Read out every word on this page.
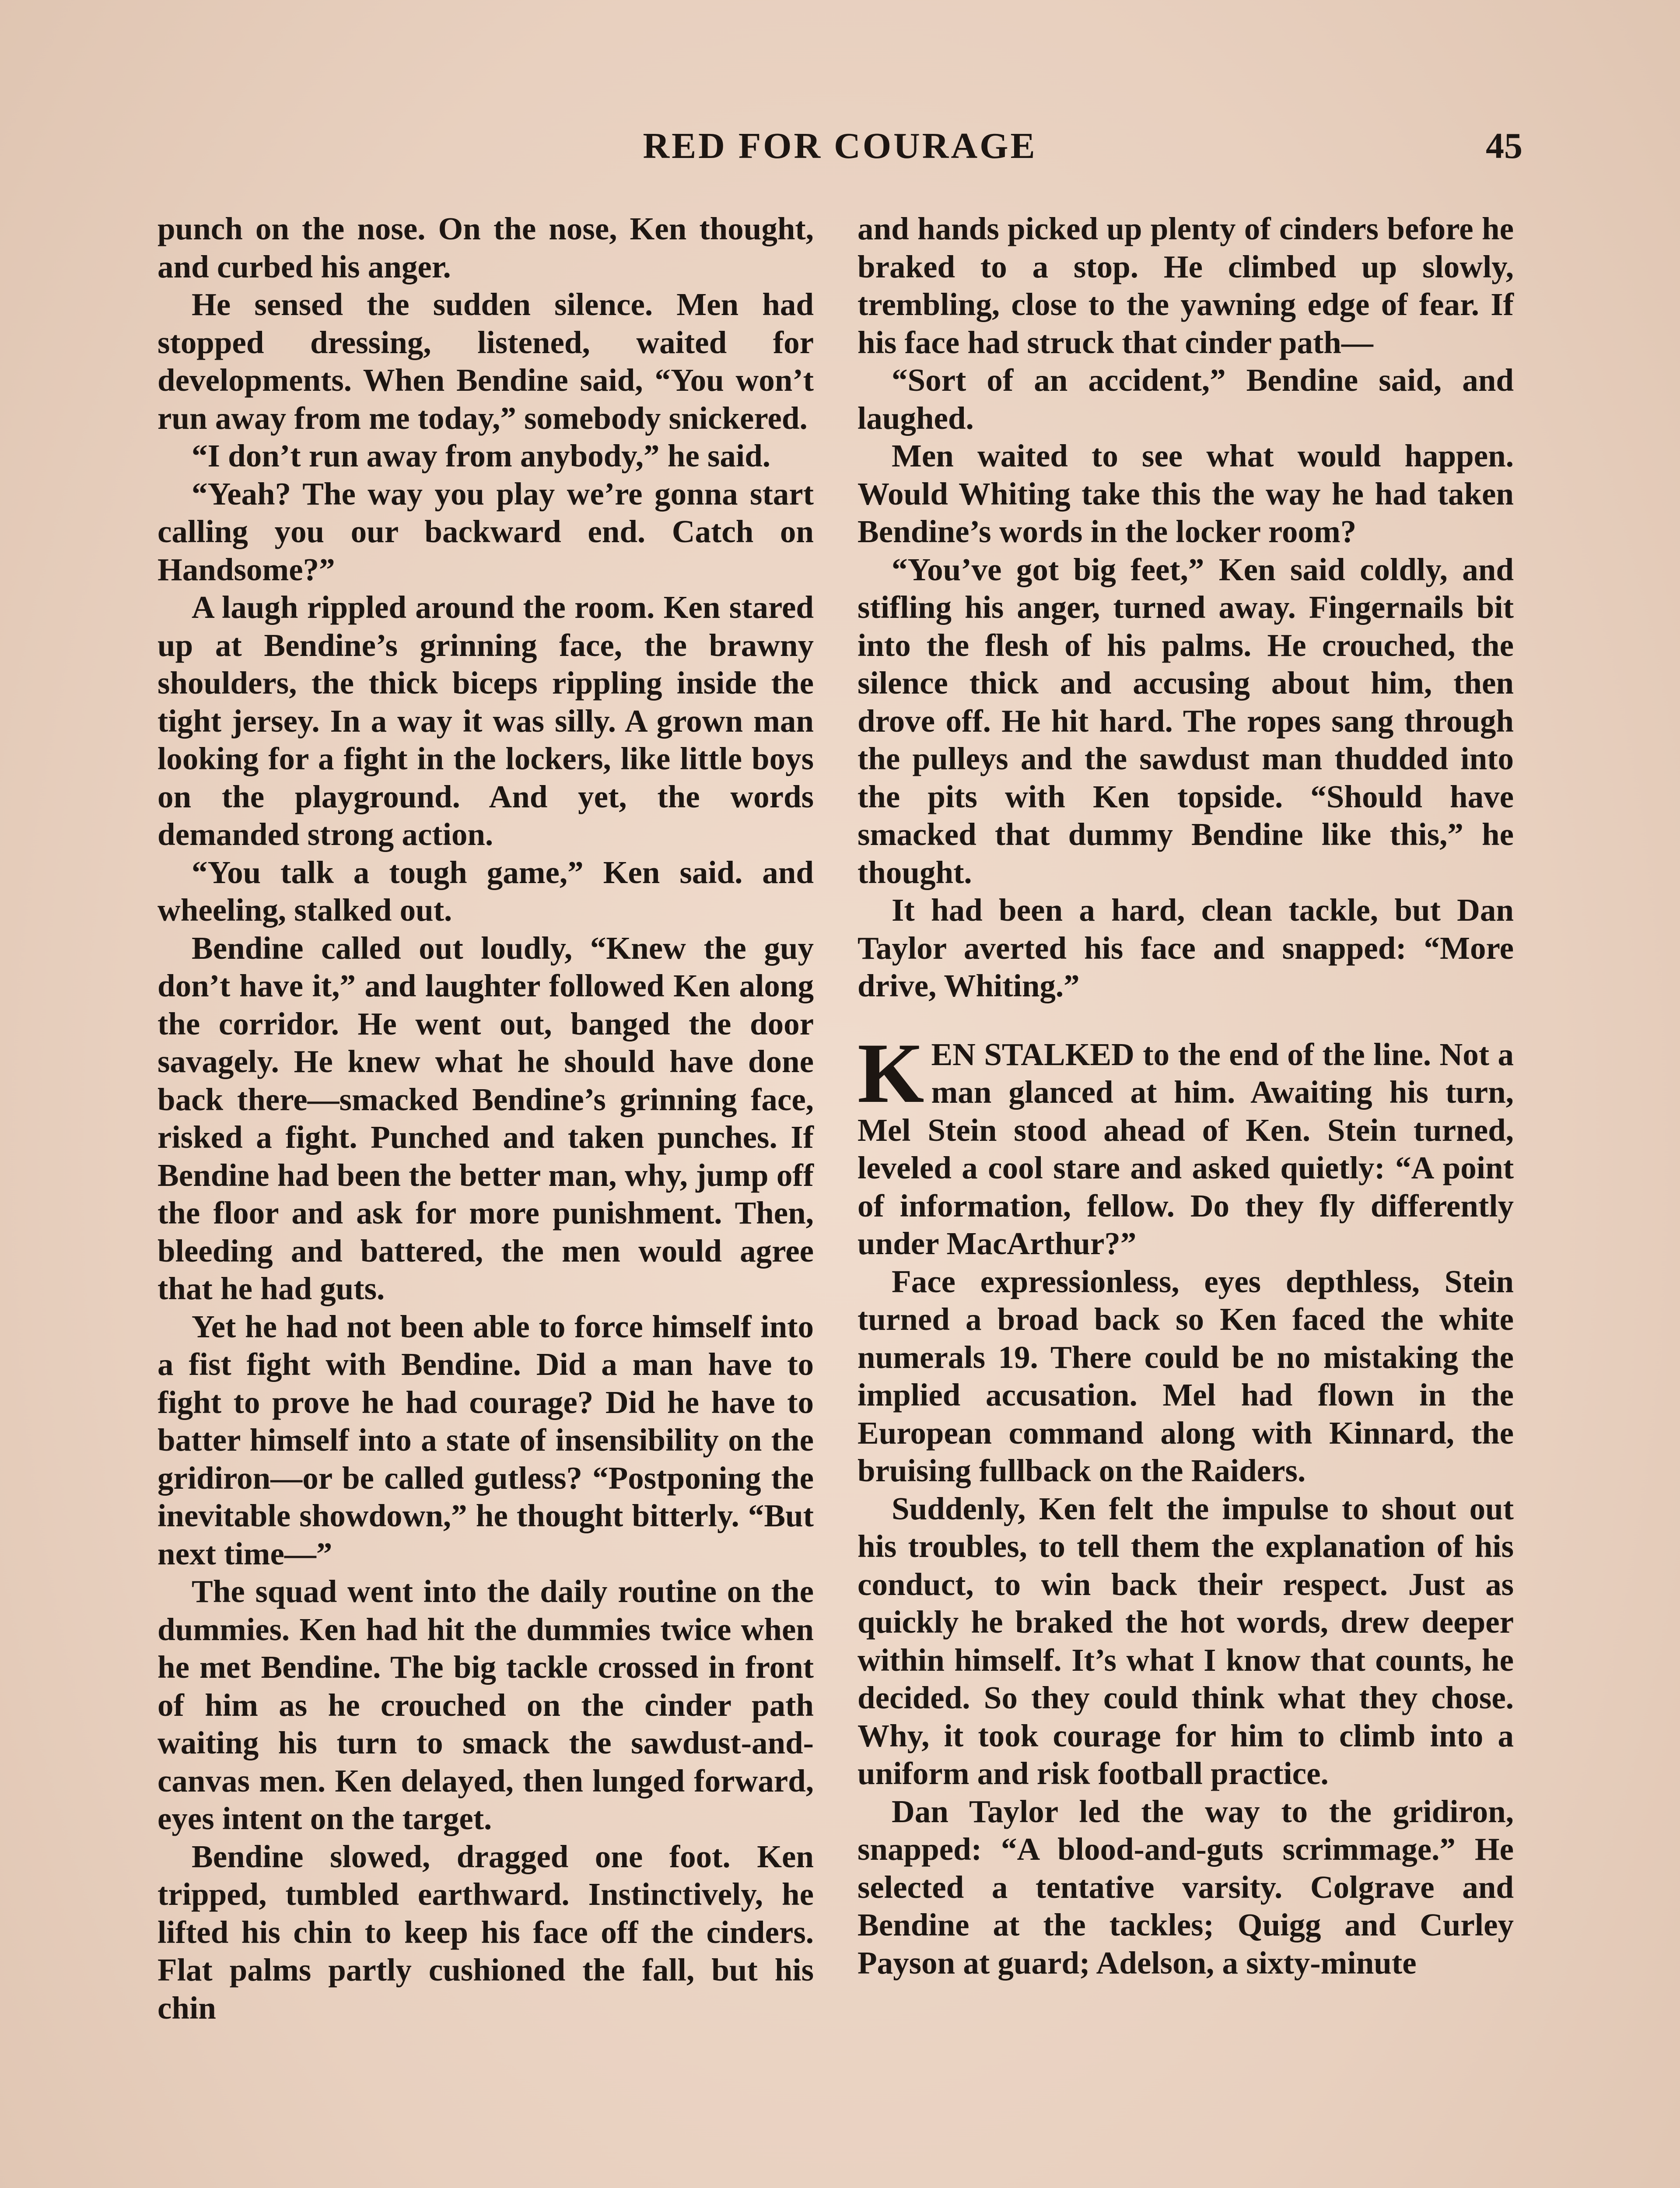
RED FOR COURAGE	45

punch on the nose. On the nose, Ken thought, and curbed his anger.

He sensed the sudden silence. Men had stopped dressing, listened, waited for developments. When Bendine said, “You won’t run away from me today,” somebody snickered.

“I don’t run away from anybody,” he said.

“Yeah? The way you play we’re gonna start calling you our backward end. Catch on Handsome?”

A laugh rippled around the room. Ken stared up at Bendine’s grinning face, the brawny shoulders, the thick biceps rippling inside the tight jersey. In a way it was silly. A grown man looking for a fight in the lockers, like little boys on the playground. And yet, the words demanded strong action.

“You talk a tough game,” Ken said. and wheeling, stalked out.

Bendine called out loudly, “Knew the guy don’t have it,” and laughter followed Ken along the corridor. He went out, banged the door savagely. He knew what he should have done back there—smacked Bendine’s grinning face, risked a fight. Punched and taken punches. If Bendine had been the better man, why, jump off the floor and ask for more punishment. Then, bleeding and battered, the men would agree that he had guts.

Yet he had not been able to force himself into a fist fight with Bendine. Did a man have to fight to prove he had courage? Did he have to batter himself into a state of insensibility on the gridiron—or be called gutless? “Postponing the inevitable showdown,” he thought bitterly. “But next time—”

The squad went into the daily routine on the dummies. Ken had hit the dummies twice when he met Bendine. The big tackle crossed in front of him as he crouched on the cinder path waiting his turn to smack the sawdust-and-canvas men. Ken delayed, then lunged forward, eyes intent on the target.

Bendine slowed, dragged one foot. Ken tripped, tumbled earthward. Instinctively, he lifted his chin to keep his face off the cinders. Flat palms partly cushioned the fall, but his chin

and hands picked up plenty of cinders before he braked to a stop. He climbed up slowly, trembling, close to the yawning edge of fear. If his face had struck that cinder path—

“Sort of an accident,” Bendine said, and laughed.

Men waited to see what would happen. Would Whiting take this the way he had taken Bendine’s words in the locker room?

“You’ve got big feet,” Ken said coldly, and stifling his anger, turned away. Fingernails bit into the flesh of his palms. He crouched, the silence thick and accusing about him, then drove off. He hit hard. The ropes sang through the pulleys and the sawdust man thudded into the pits with Ken topside. “Should have smacked that dummy Bendine like this,” he thought.

It had been a hard, clean tackle, but Dan Taylor averted his face and snapped: “More drive, Whiting.”

KEN STALKED to the end of the line. Not a man glanced at him. Awaiting his turn, Mel Stein stood ahead of Ken. Stein turned, leveled a cool stare and asked quietly: “A point of information, fellow. Do they fly differently under MacArthur?”

Face expressionless, eyes depthless, Stein turned a broad back so Ken faced the white numerals 19. There could be no mistaking the implied accusation. Mel had flown in the European command along with Kinnard, the bruising fullback on the Raiders.

Suddenly, Ken felt the impulse to shout out his troubles, to tell them the explanation of his conduct, to win back their respect. Just as quickly he braked the hot words, drew deeper within himself. It’s what I know that counts, he decided. So they could think what they chose. Why, it took courage for him to climb into a uniform and risk football practice.

Dan Taylor led the way to the gridiron, snapped: “A blood-and-guts scrimmage.” He selected a tentative varsity. Colgrave and Bendine at the tackles; Quigg and Curley Payson at guard; Adelson, a sixty-minute
